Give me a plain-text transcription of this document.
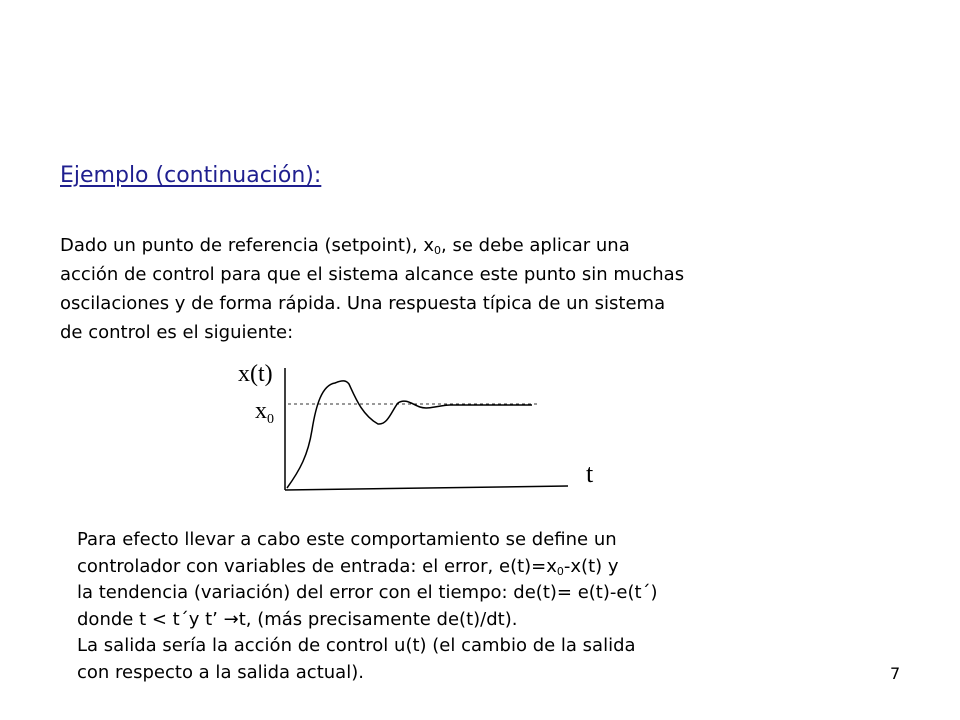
Ejemplo (continuación):
Dado un punto de referencia (setpoint), $x_0$, se debe aplicar una
acción de control para que el sistema alcance este punto sin muchas
oscilaciones y de forma rápida. Una respuesta típica de un sistema
de control es el siguiente:
x(t)
$x_0$
t
Para efecto llevar a cabo este comportamiento se define un
controlador con variables de entrada: el error, $e(t)=x_0-x(t)$ y
la tendencia (variación) del error con el tiempo: de(t)= e(t)-e(t´)
donde t < t´y t’ →t, (más precisamente de(t)/dt).
La salida sería la acción de control u(t) (el cambio de la salida
con respecto a la salida actual).	7
